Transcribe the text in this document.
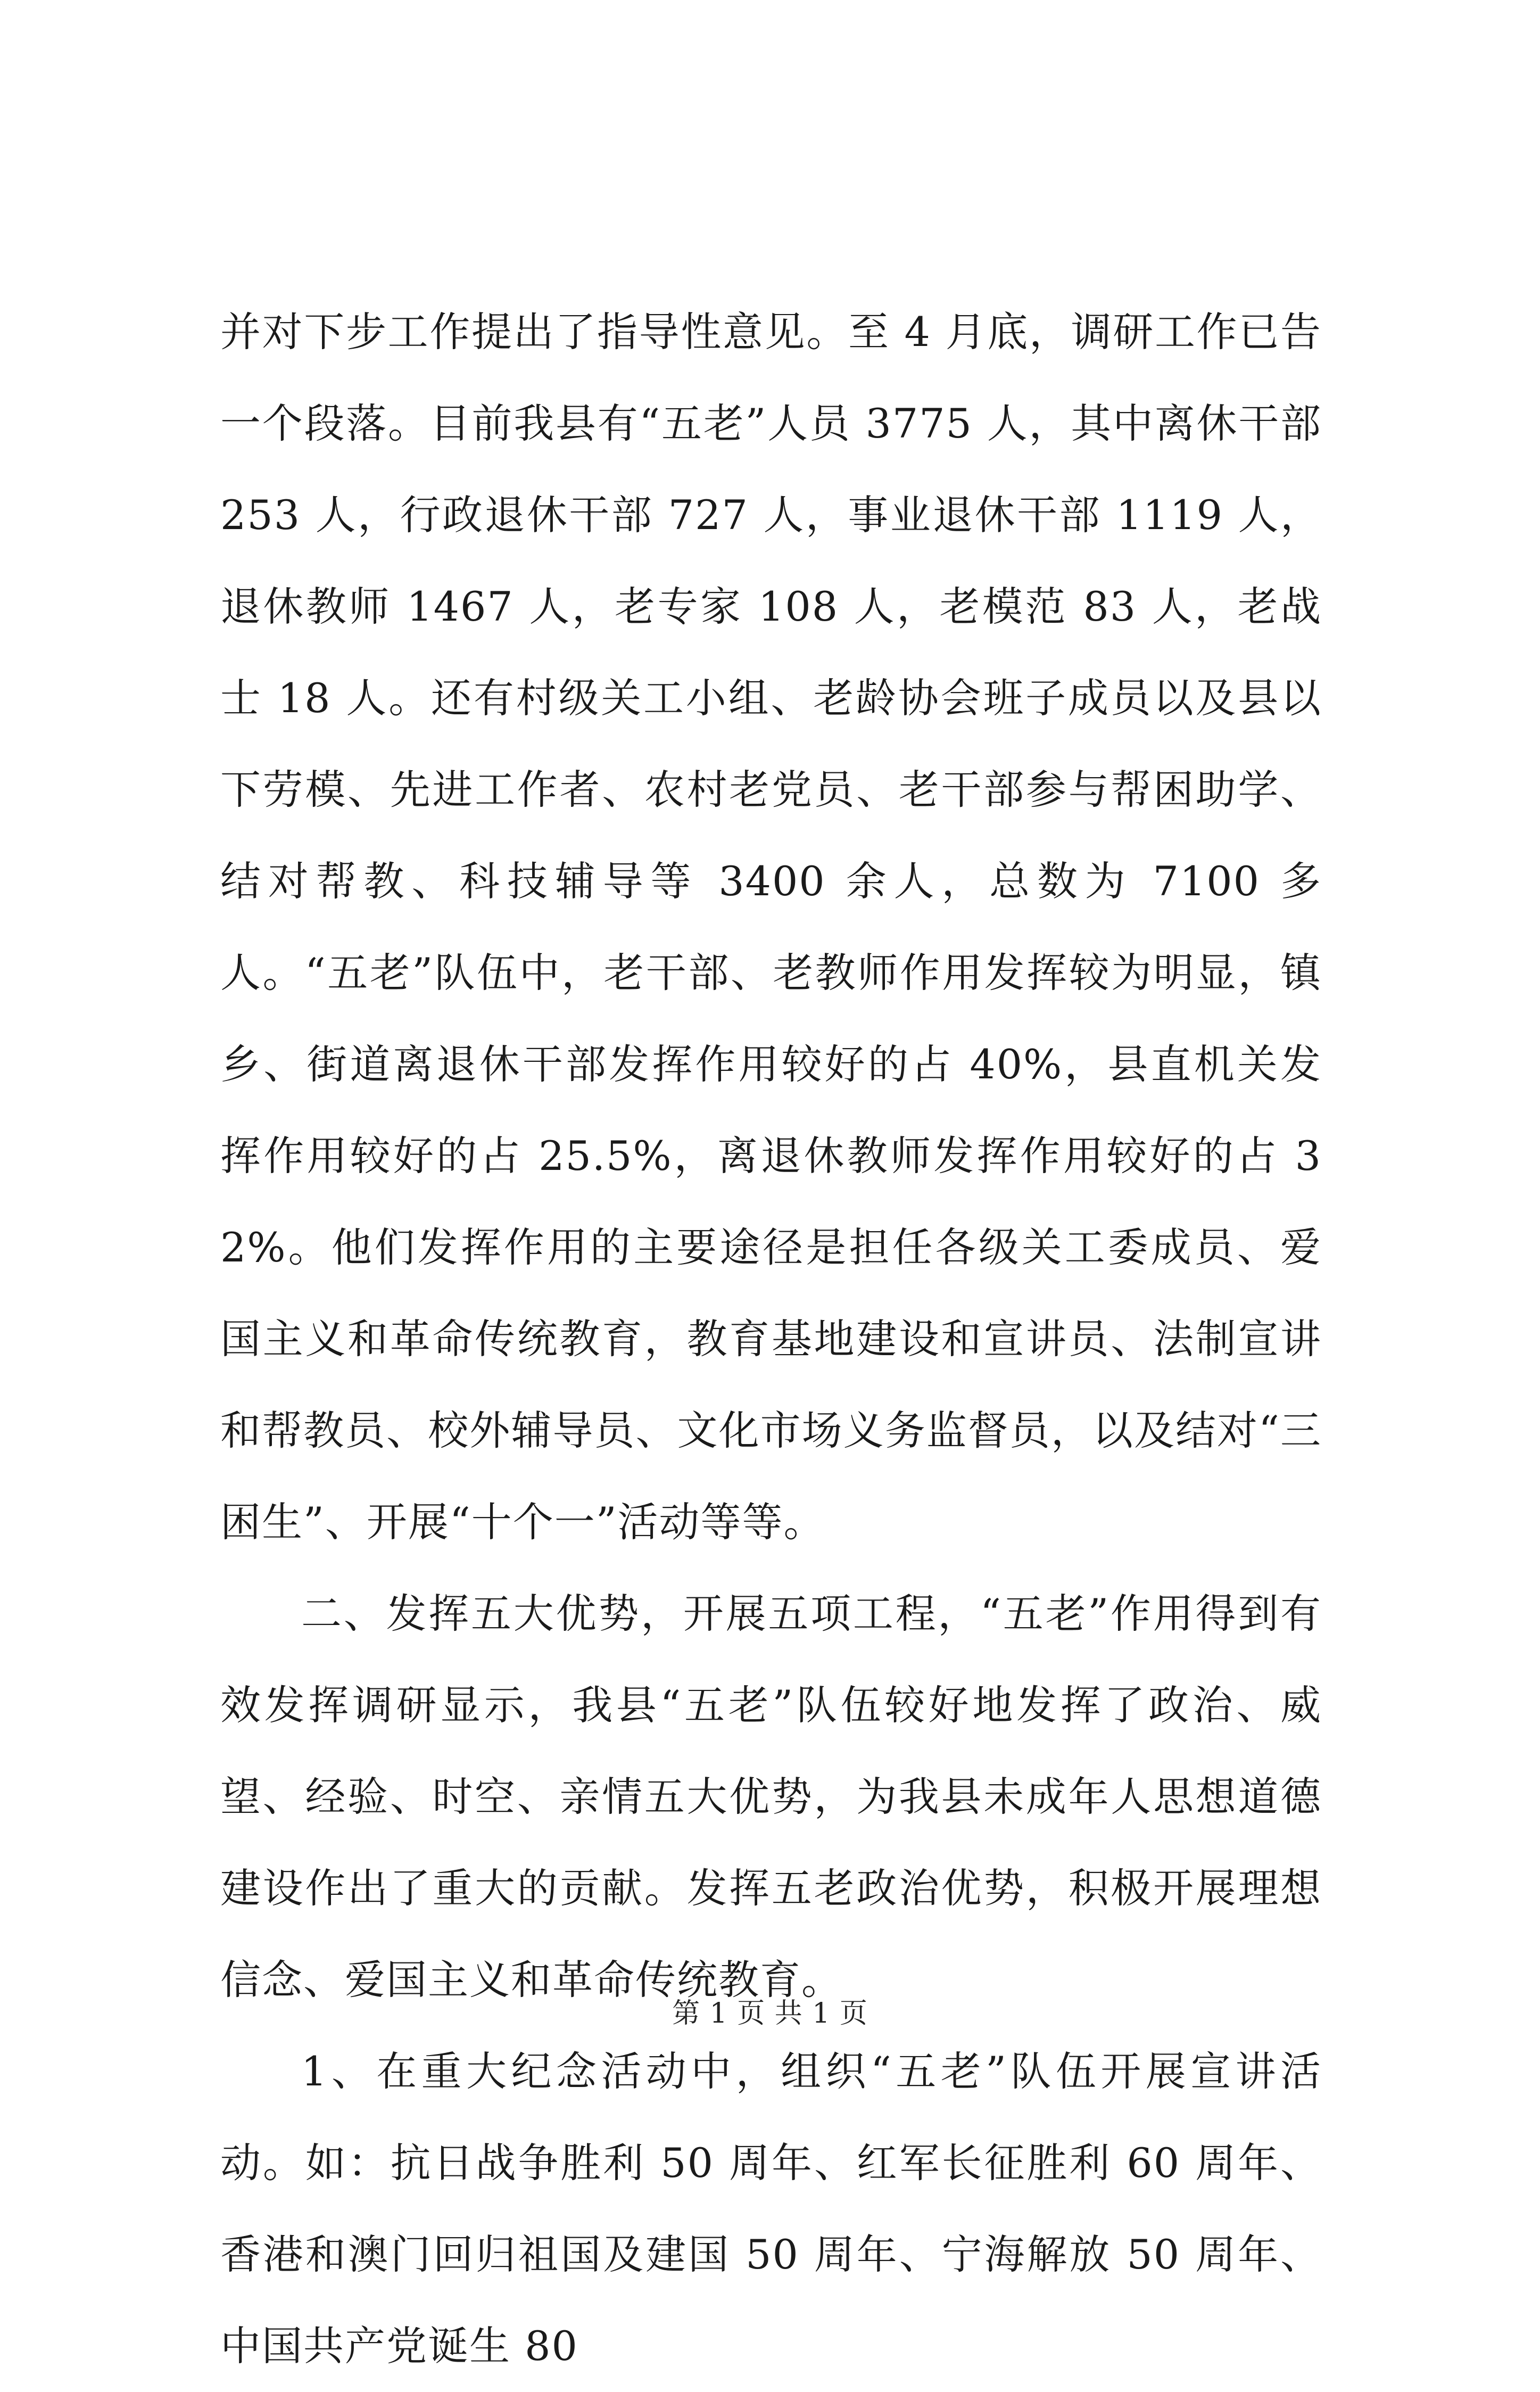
并对下步工作提出了指导性意见。至 4 月底，调研工作已告一个段落。目前我县有“五老”人员 3775 人，其中离休干部 253 人，行政退休干部 727 人，事业退休干部 1119 人，退休教师 1467 人，老专家 108 人，老模范 83 人，老战士 18 人。还有村级关工小组、老龄协会班子成员以及县以下劳模、先进工作者、农村老党员、老干部参与帮困助学、结对帮教、科技辅导等 3400 余人，总数为 7100 多人。“五老”队伍中，老干部、老教师作用发挥较为明显，镇乡、街道离退休干部发挥作用较好的占 40%，县直机关发挥作用较好的占 25.5%，离退休教师发挥作用较好的占 32%。他们发挥作用的主要途径是担任各级关工委成员、爱国主义和革命传统教育，教育基地建设和宣讲员、法制宣讲和帮教员、校外辅导员、文化市场义务监督员，以及结对“三困生”、开展“十个一”活动等等。

二、发挥五大优势，开展五项工程，“五老”作用得到有效发挥调研显示，我县“五老”队伍较好地发挥了政治、威望、经验、时空、亲情五大优势，为我县未成年人思想道德建设作出了重大的贡献。发挥五老政治优势，积极开展理想信念、爱国主义和革命传统教育。

1、在重大纪念活动中，组织“五老”队伍开展宣讲活动。如：抗日战争胜利 50 周年、红军长征胜利 60 周年、香港和澳门回归祖国及建国 50 周年、宁海解放 50 周年、中国共产党诞生 80

第 1 页 共 1 页
